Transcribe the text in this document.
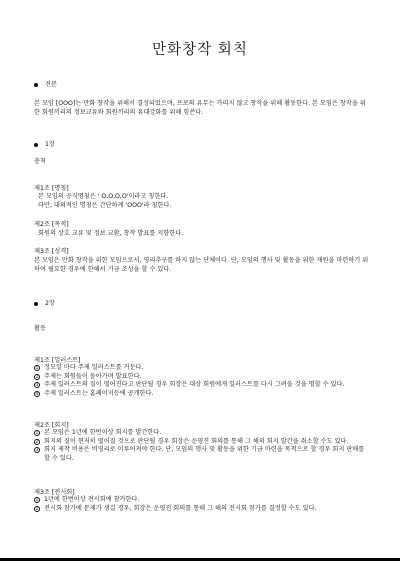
만화창작 회칙
전문
본 모임 [OOO]는 만화 창작을 위해서 결성되었으며, 프로의 유무는 가리지 않고 창작을 위해 활동한다. 본 모임은 창작을 위한 회원끼리의 정보교류와 회원끼리의 유대강화를 위해 힘쓴다.
1장
총칙
제1조 [명칭]
본 모임의 공식명칭은 ' O,O,O,O'이라고 칭한다.
다만, 대외적인 명칭은 간단하게 'OOO'라 칭한다.
제2조 [목적]
회원의 상호 교류 및 정보 교환, 창작 발표를 지향한다.
제3조 [성격]
본 모임은 만화 창작을 위한 모임으로서, 영리추구를 하지 않는 단체이다. 단, 모임의 행사 및 활동을 위한 재원을 마련하기 위하여 필요한 경우에 한해서 기금 조성을 할 수 있다.
2장
활동
제1조 [일러스트]
1 정모일 마다 주제 일러스트를 거둔다.
2 주제는 회원들이 돌아가며 발표한다.
3 주제 일러스트의 질이 떨어진다고 판단될 경우 회장은 대상 회원에게 일러스트를 다시 그려올 것을 명할 수 있다.
4 주제 일러스트는 홈페이지등에 공개한다.
제2조 [회지]
1 본 모임은 1년에 한번이상 회지를 발간한다.
2 회지의 질이 현저히 떨어질 것으로 판단될 경우 회장은 운영진 회의를 통해 그 해의 회지 발간을 취소할 수도 있다.
3 회지 제작 비용은 비영리로 이루어져야 한다. 단, 모임의 행사 및 활동을 위한 기금 마련을 목적으로 할 경우 회지 판매를 할 수 있다.
제3조 [전시회]
1 1년에 한번이상 전시회에 참가한다.
2 전시회 참가에 문제가 생길 경우, 회장은 운영진 회의를 통해 그 해의 전시회 참가를 결정할 수도 있다.
